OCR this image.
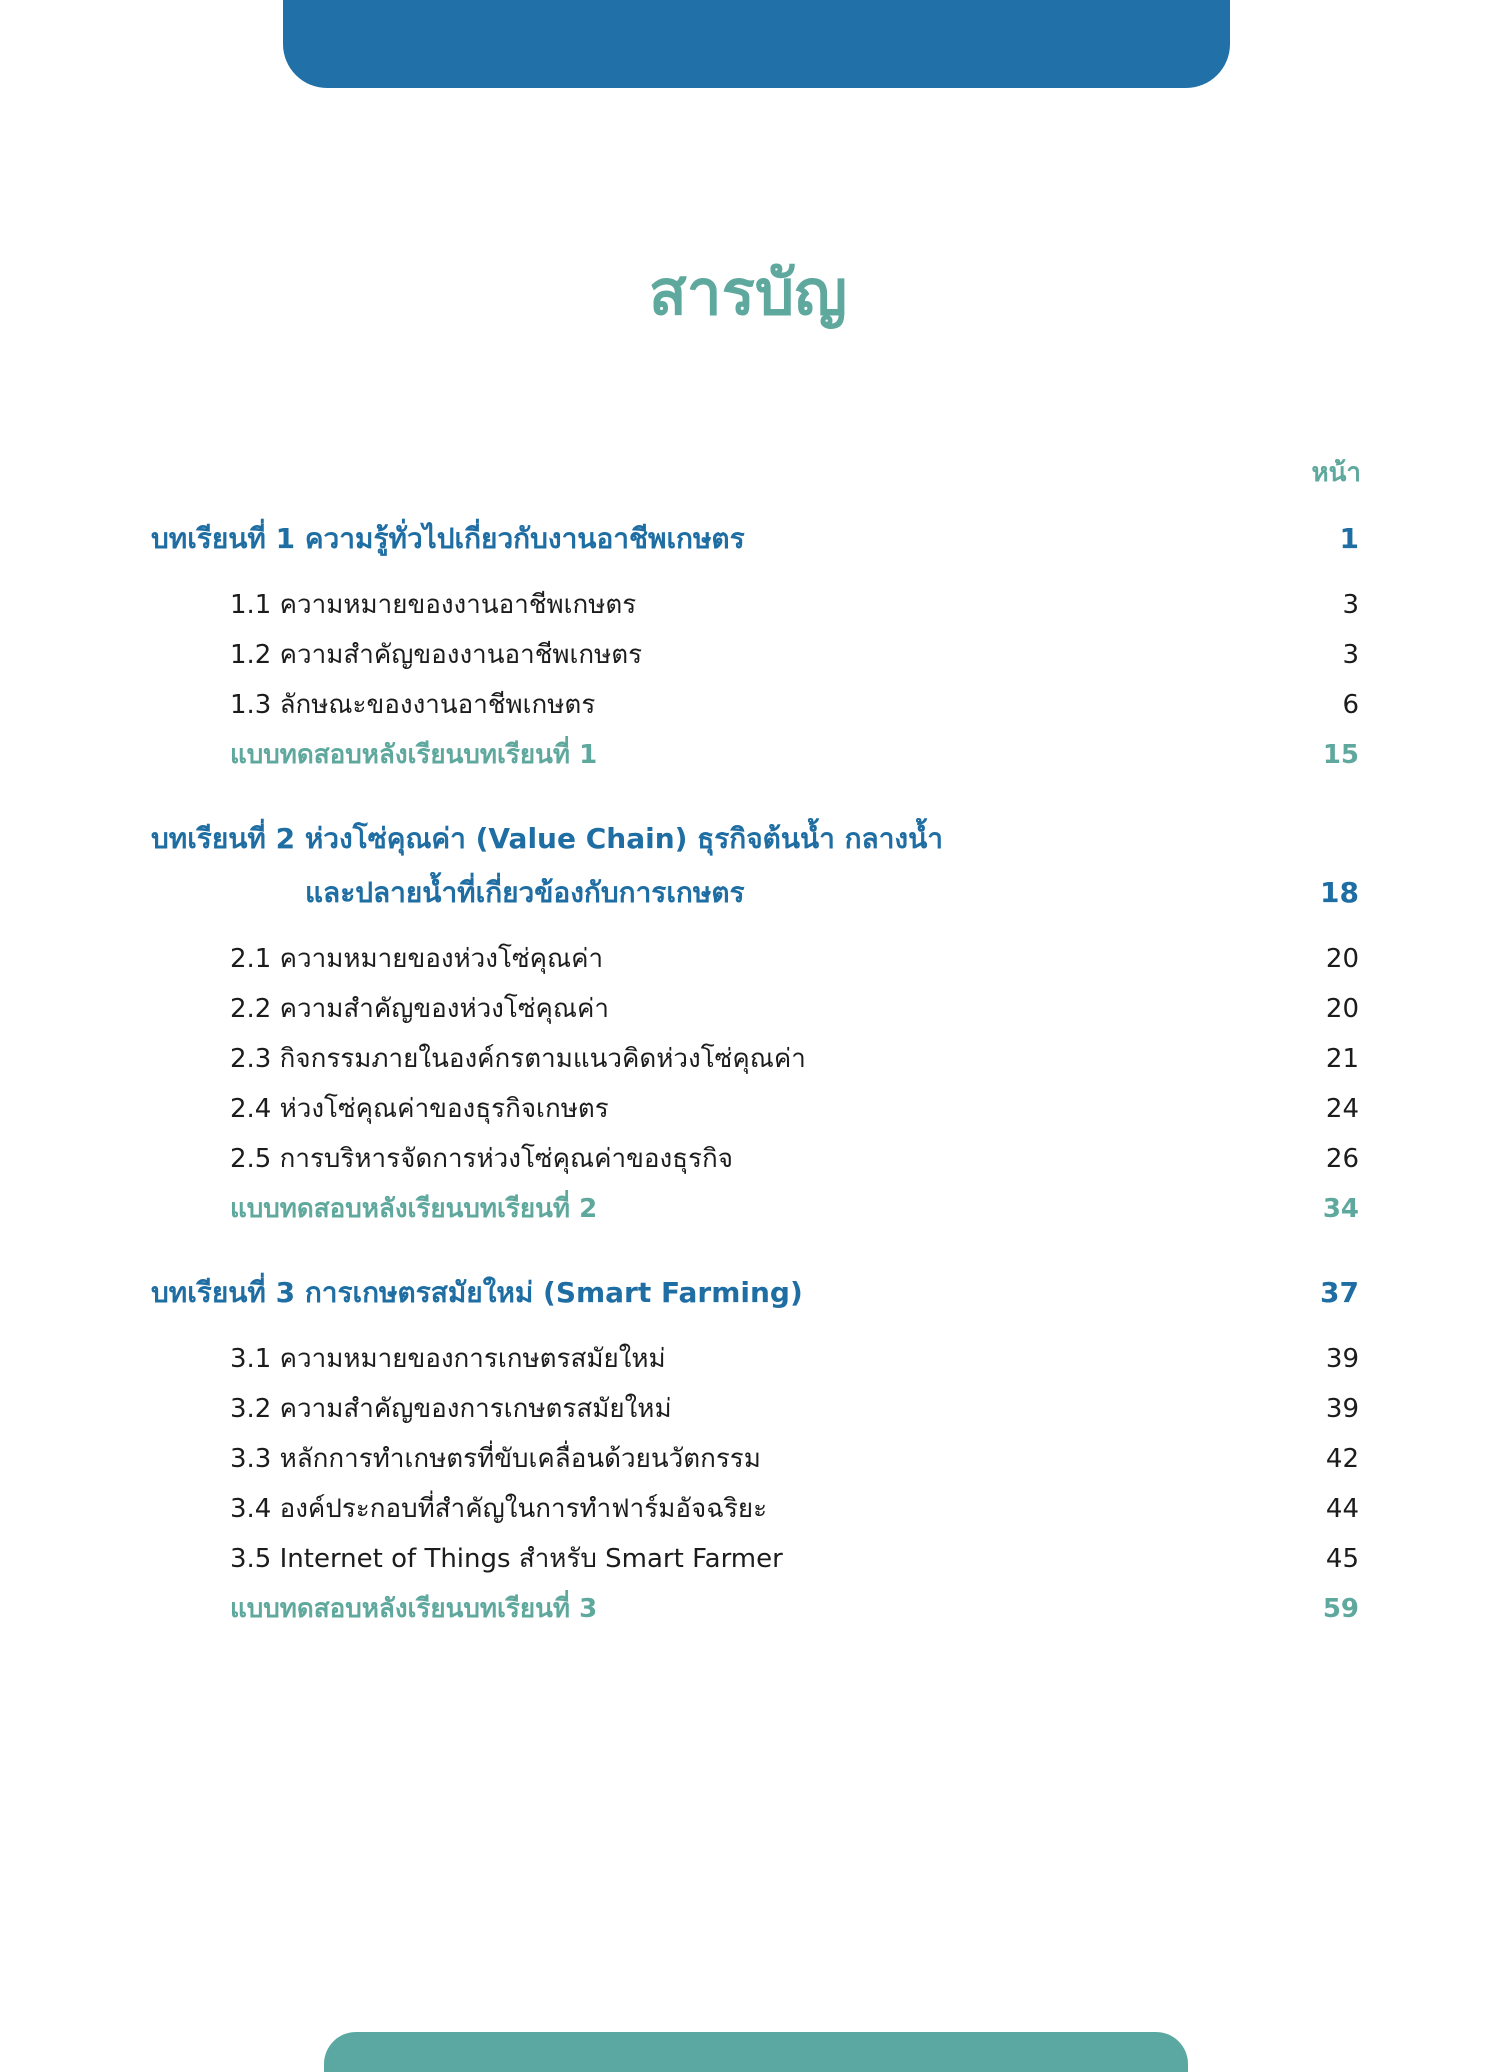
สารบัญ
หน้า
บทเรียนที่ 1 ความรู้ทั่วไปเกี่ยวกับงานอาชีพเกษตร	1
1.1 ความหมายของงานอาชีพเกษตร	3
1.2 ความสำคัญของงานอาชีพเกษตร	3
1.3 ลักษณะของงานอาชีพเกษตร	6
แบบทดสอบหลังเรียนบทเรียนที่ 1	15
บทเรียนที่ 2 ห่วงโซ่คุณค่า (Value Chain) ธุรกิจต้นน้ำ กลางน้ำ
และปลายน้ำที่เกี่ยวข้องกับการเกษตร	18
2.1 ความหมายของห่วงโซ่คุณค่า	20
2.2 ความสำคัญของห่วงโซ่คุณค่า	20
2.3 กิจกรรมภายในองค์กรตามแนวคิดห่วงโซ่คุณค่า	21
2.4 ห่วงโซ่คุณค่าของธุรกิจเกษตร	24
2.5 การบริหารจัดการห่วงโซ่คุณค่าของธุรกิจ	26
แบบทดสอบหลังเรียนบทเรียนที่ 2	34
บทเรียนที่ 3 การเกษตรสมัยใหม่ (Smart Farming)	37
3.1 ความหมายของการเกษตรสมัยใหม่	39
3.2 ความสำคัญของการเกษตรสมัยใหม่	39
3.3 หลักการทำเกษตรที่ขับเคลื่อนด้วยนวัตกรรม	42
3.4 องค์ประกอบที่สำคัญในการทำฟาร์มอัจฉริยะ	44
3.5 Internet of Things สำหรับ Smart Farmer	45
แบบทดสอบหลังเรียนบทเรียนที่ 3	59
